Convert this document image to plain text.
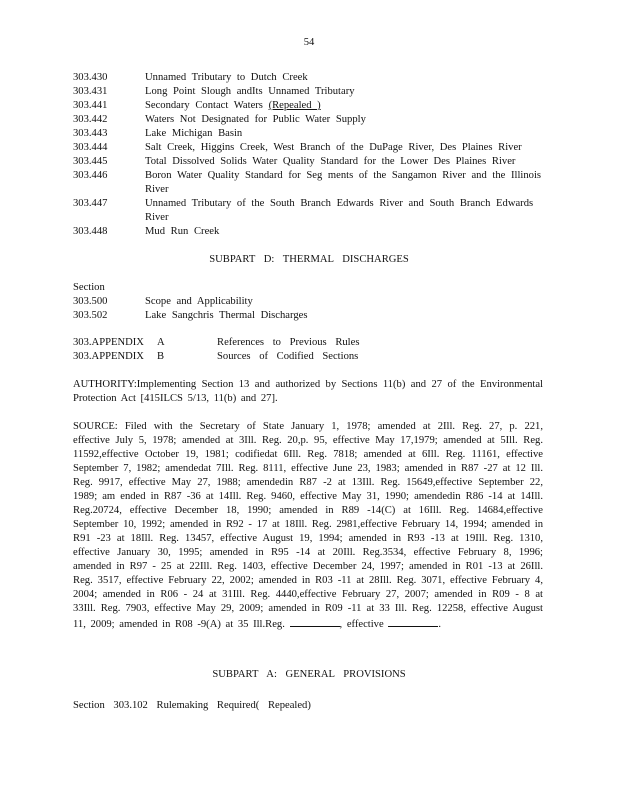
54
303.430	Unnamed Tributary to Dutch Creek
303.431	Long Point Slough andIts Unnamed Tributary
303.441	Secondary Contact Waters (Repealed )
303.442	Waters Not Designated for Public Water Supply
303.443	Lake Michigan Basin
303.444	Salt Creek, Higgins Creek, West Branch of the DuPage River, Des Plaines River
303.445	Total Dissolved Solids Water Quality Standard for the Lower Des Plaines River
303.446	Boron Water Quality Standard for Seg ments of the Sangamon River and the Illinois River
303.447	Unnamed Tributary of the South Branch Edwards River and South Branch Edwards River
303.448	Mud Run Creek
SUBPART D: THERMAL DISCHARGES
Section
303.500	Scope and Applicability
303.502	Lake Sangchris Thermal Discharges
303.APPENDIX	A	References to Previous Rules
303.APPENDIX	B	Sources of Codified Sections
AUTHORITY:Implementing Section 13 and authorized by Sections 11(b) and 27 of the Environmental Protection Act [415ILCS 5/13, 11(b) and 27].
SOURCE: Filed with the Secretary of State January 1, 1978; amended at 2Ill. Reg. 27, p. 221, effective July 5, 1978; amended at 3Ill. Reg. 20,p. 95, effective May 17,1979; amended at 5Ill. Reg. 11592,effective October 19, 1981; codifiedat 6Ill. Reg. 7818; amended at 6Ill. Reg. 11161, effective September 7, 1982; amendedat 7Ill. Reg. 8111, effective June 23, 1983; amended in R87 -27 at 12 Ill. Reg. 9917, effective May 27, 1988; amendedin R87 -2 at 13Ill. Reg. 15649,effective September 22, 1989; am ended in R87 -36 at 14Ill. Reg. 9460, effective May 31, 1990; amendedin R86 -14 at 14Ill. Reg.20724, effective December 18, 1990; amended in R89 -14(C) at 16Ill. Reg. 14684,effective September 10, 1992; amended in R92 - 17 at 18Ill. Reg. 2981,effective February 14, 1994; amended in R91 -23 at 18Ill. Reg. 13457, effective August 19, 1994; amended in R93 -13 at 19Ill. Reg. 1310, effective January 30, 1995; amended in R95 -14 at 20Ill. Reg.3534, effective February 8, 1996; amended in R97 - 25 at 22Ill. Reg. 1403, effective December 24, 1997; amended in R01 -13 at 26Ill. Reg. 3517, effective February 22, 2002; amended in R03 -11 at 28Ill. Reg. 3071, effective February 4, 2004; amended in R06 - 24 at 31Ill. Reg. 4440,effective February 27, 2007; amended in R09 - 8 at 33Ill. Reg. 7903, effective May 29, 2009; amended in R09 -11 at 33 Ill. Reg. 12258, effective August 11, 2009; amended in R08 -9(A) at 35 Ill.Reg.	, effective	.
SUBPART A: GENERAL PROVISIONS
Section 303.102 Rulemaking Required( Repealed)
